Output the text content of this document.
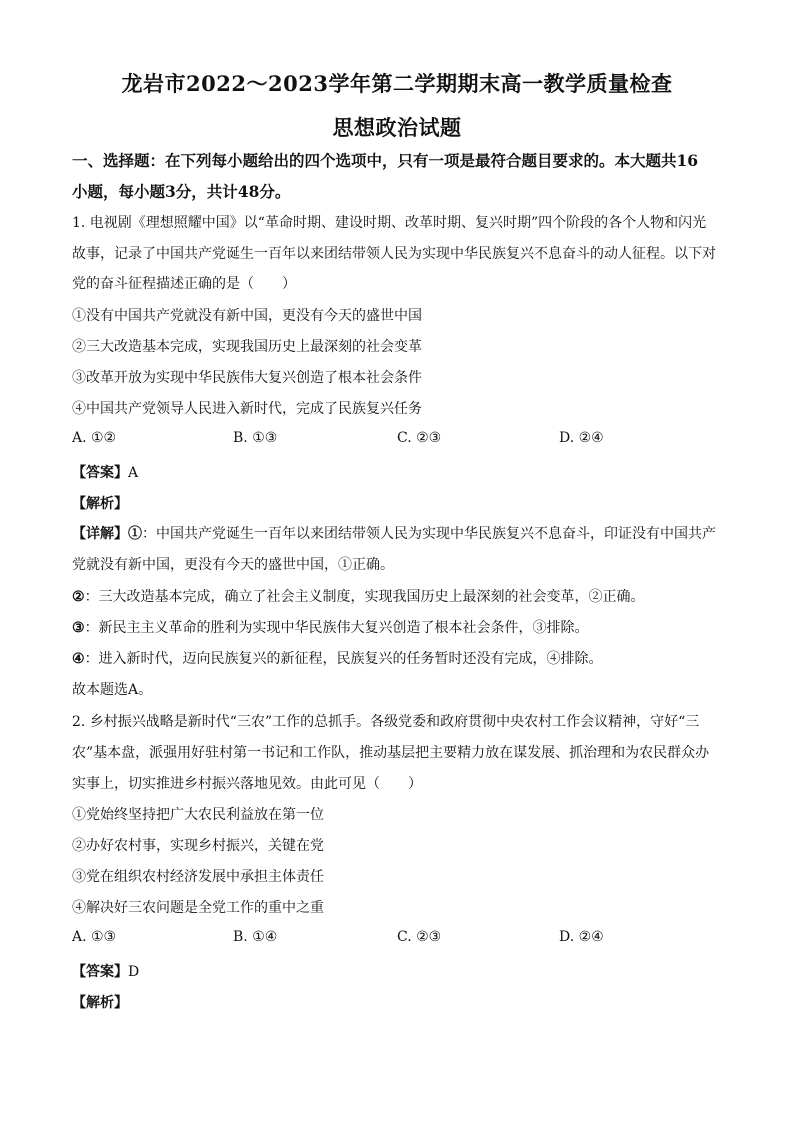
龙岩市2022～2023学年第二学期期末高一教学质量检查
思想政治试题
一、选择题：在下列每小题给出的四个选项中，只有一项是最符合题目要求的。本大题共16
小题，每小题3分，共计48分。
1. 电视剧《理想照耀中国》以“革命时期、建设时期、改革时期、复兴时期”四个阶段的各个人物和闪光
故事，记录了中国共产党诞生一百年以来团结带领人民为实现中华民族复兴不息奋斗的动人征程。以下对
党的奋斗征程描述正确的是（　　）
①没有中国共产党就没有新中国，更没有今天的盛世中国
②三大改造基本完成，实现我国历史上最深刻的社会变革
③改革开放为实现中华民族伟大复兴创造了根本社会条件
④中国共产党领导人民进入新时代，完成了民族复兴任务
A. ①②	B. ①③	C. ②③	D. ②④
【答案】A
【解析】
【详解】①：中国共产党诞生一百年以来团结带领人民为实现中华民族复兴不息奋斗，印证没有中国共产
党就没有新中国，更没有今天的盛世中国，①正确。
②：三大改造基本完成，确立了社会主义制度，实现我国历史上最深刻的社会变革，②正确。
③：新民主主义革命的胜利为实现中华民族伟大复兴创造了根本社会条件，③排除。
④：进入新时代，迈向民族复兴的新征程，民族复兴的任务暂时还没有完成，④排除。
故本题选A。
2. 乡村振兴战略是新时代“三农”工作的总抓手。各级党委和政府贯彻中央农村工作会议精神，守好“三
农”基本盘，派强用好驻村第一书记和工作队，推动基层把主要精力放在谋发展、抓治理和为农民群众办
实事上，切实推进乡村振兴落地见效。由此可见（　　）
①党始终坚持把广大农民利益放在第一位
②办好农村事，实现乡村振兴，关键在党
③党在组织农村经济发展中承担主体责任
④解决好三农问题是全党工作的重中之重
A. ①③	B. ①④	C. ②③	D. ②④
【答案】D
【解析】
